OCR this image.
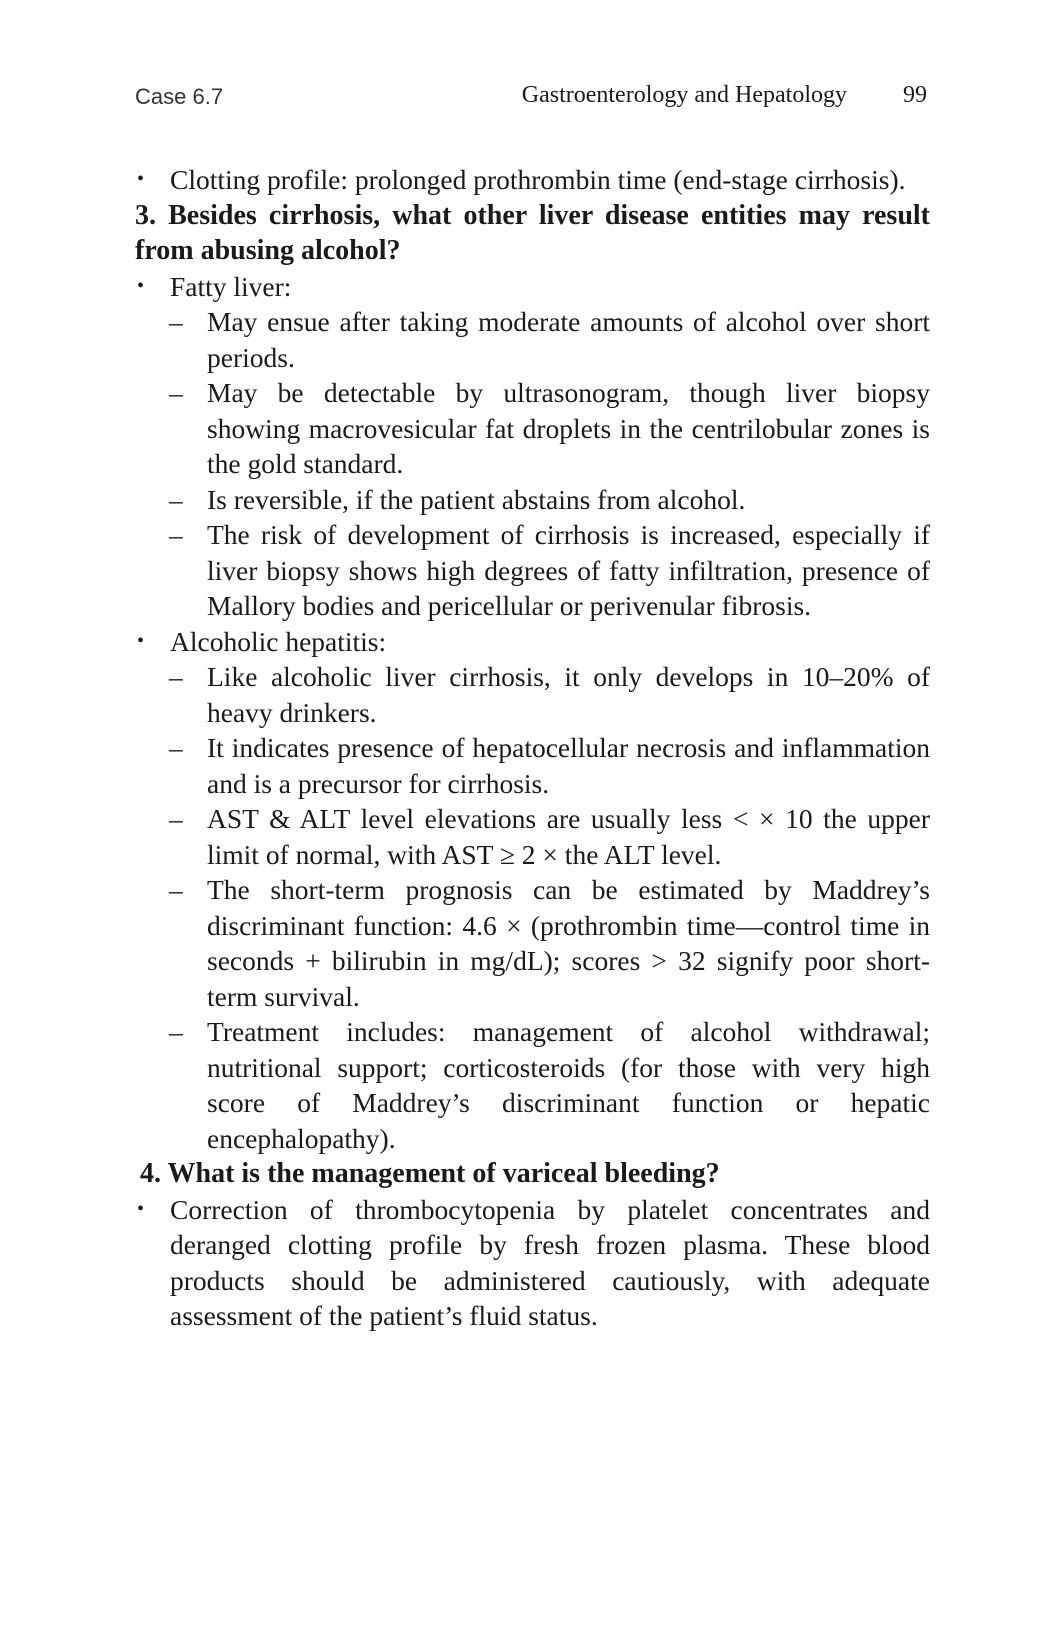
Case 6.7	Gastroenterology and Hepatology 99
• Clotting profile: prolonged prothrombin time (end-stage cirrhosis).
3. Besides cirrhosis, what other liver disease entities may result from abusing alcohol?
• Fatty liver:
– May ensue after taking moderate amounts of alcohol over short periods.
– May be detectable by ultrasonogram, though liver biopsy showing macrovesicular fat droplets in the centrilobular zones is the gold standard.
– Is reversible, if the patient abstains from alcohol.
– The risk of development of cirrhosis is increased, especially if liver biopsy shows high degrees of fatty infiltration, presence of Mallory bodies and pericellular or perivenular fibrosis.
• Alcoholic hepatitis:
– Like alcoholic liver cirrhosis, it only develops in 10–20% of heavy drinkers.
– It indicates presence of hepatocellular necrosis and inflammation and is a precursor for cirrhosis.
– AST & ALT level elevations are usually less < × 10 the upper limit of normal, with AST ≥ 2 × the ALT level.
– The short-term prognosis can be estimated by Maddrey’s discriminant function: 4.6 × (prothrombin time—control time in seconds + bilirubin in mg/dL); scores > 32 signify poor short-term survival.
– Treatment includes: management of alcohol withdrawal; nutritional support; corticosteroids (for those with very high score of Maddrey’s discriminant function or hepatic encephalopathy).
4. What is the management of variceal bleeding?
• Correction of thrombocytopenia by platelet concentrates and deranged clotting profile by fresh frozen plasma. These blood products should be administered cautiously, with adequate assessment of the patient’s fluid status.
